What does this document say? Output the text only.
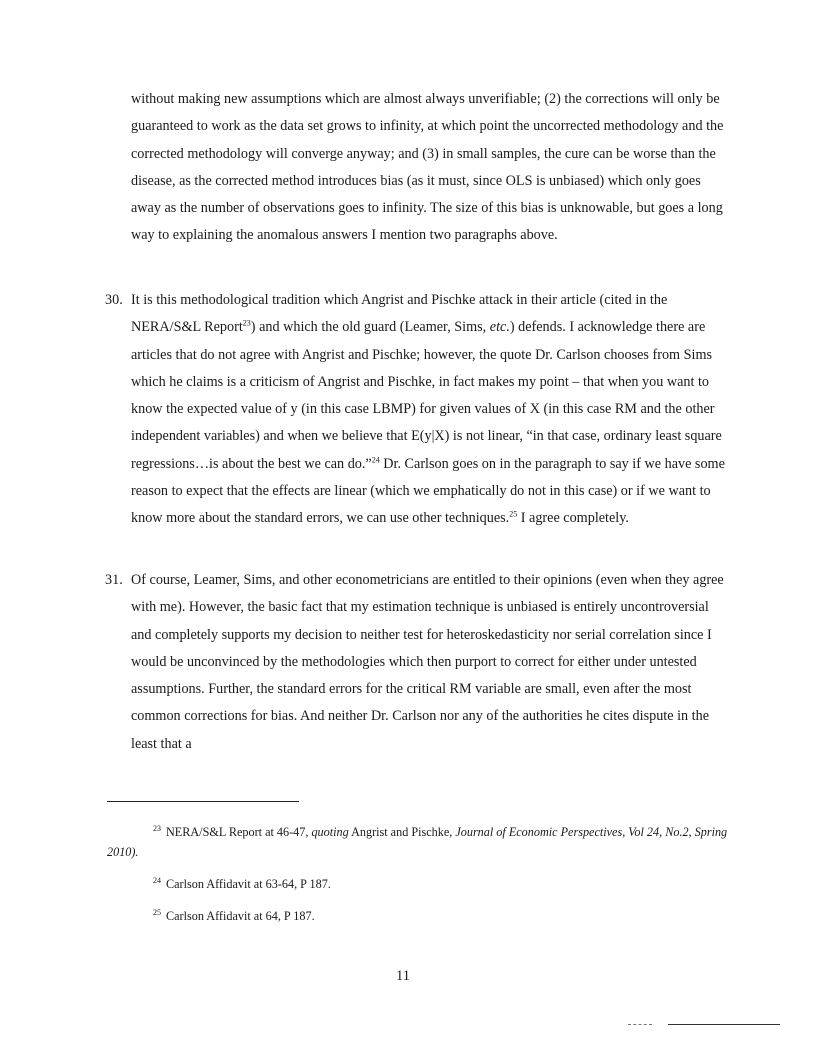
without making new assumptions which are almost always unverifiable; (2) the corrections will only be guaranteed to work as the data set grows to infinity, at which point the uncorrected methodology and the corrected methodology will converge anyway; and (3) in small samples, the cure can be worse than the disease, as the corrected method introduces bias (as it must, since OLS is unbiased) which only goes away as the number of observations goes to infinity. The size of this bias is unknowable, but goes a long way to explaining the anomalous answers I mention two paragraphs above.

30. It is this methodological tradition which Angrist and Pischke attack in their article (cited in the NERA/S&L Report$^{23}$) and which the old guard (Leamer, Sims, etc.) defends. I acknowledge there are articles that do not agree with Angrist and Pischke; however, the quote Dr. Carlson chooses from Sims which he claims is a criticism of Angrist and Pischke, in fact makes my point – that when you want to know the expected value of y (in this case LBMP) for given values of X (in this case RM and the other independent variables) and when we believe that E(y|X) is not linear, “in that case, ordinary least square regressions…is about the best we can do.”$^{24}$ Dr. Carlson goes on in the paragraph to say if we have some reason to expect that the effects are linear (which we emphatically do not in this case) or if we want to know more about the standard errors, we can use other techniques.$^{25}$ I agree completely.
31. Of course, Leamer, Sims, and other econometricians are entitled to their opinions (even when they agree with me). However, the basic fact that my estimation technique is unbiased is entirely uncontroversial and completely supports my decision to neither test for heteroskedasticity nor serial correlation since I would be unconvinced by the methodologies which then purport to correct for either under untested assumptions. Further, the standard errors for the critical RM variable are small, even after the most common corrections for bias. And neither Dr. Carlson nor any of the authorities he cites dispute in the least that a

$^{23}$ NERA/S&L Report at 46-47, quoting Angrist and Pischke, Journal of Economic Perspectives, Vol 24, No.2, Spring 2010).

$^{24}$ Carlson Affidavit at 63-64, P 187.

$^{25}$ Carlson Affidavit at 64, P 187.

11
